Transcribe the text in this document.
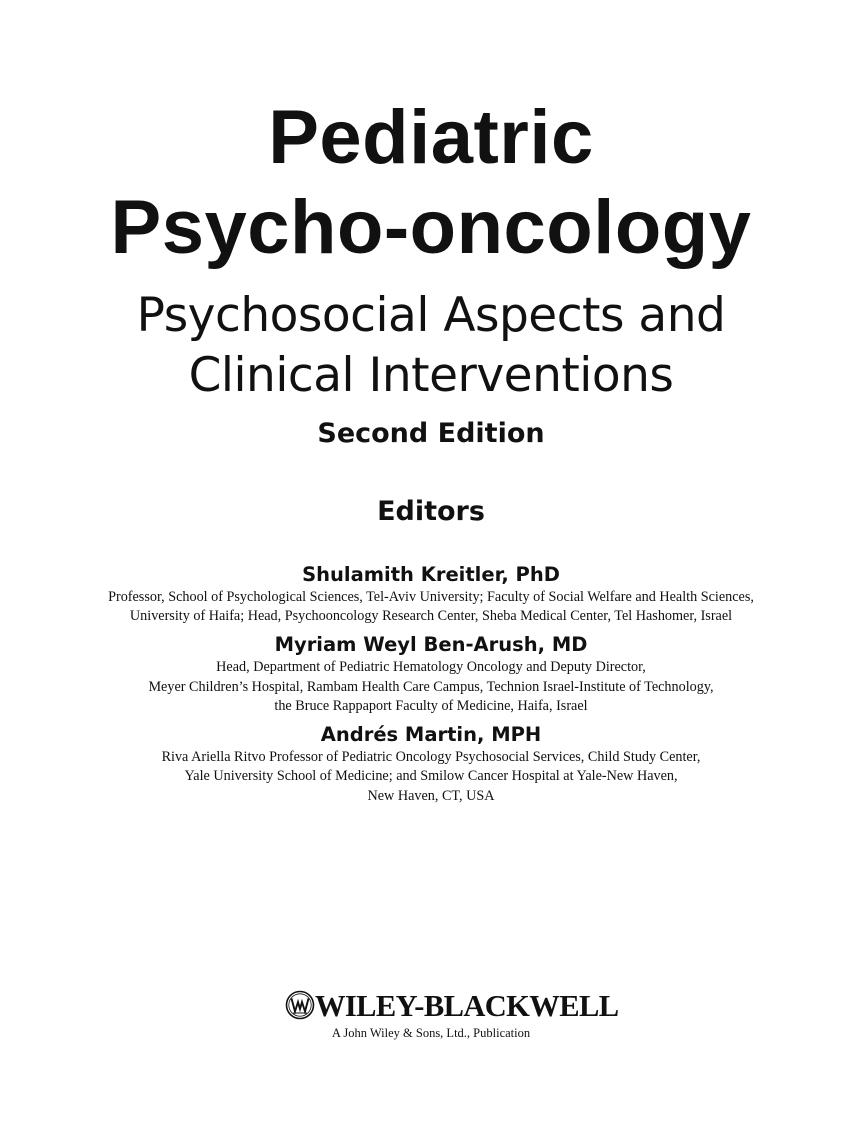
Pediatric
Psycho-oncology
Psychosocial Aspects and
Clinical Interventions
Second Edition
Editors
Shulamith Kreitler, PhD
Professor, School of Psychological Sciences, Tel-Aviv University; Faculty of Social Welfare and Health Sciences,
University of Haifa; Head, Psychooncology Research Center, Sheba Medical Center, Tel Hashomer, Israel
Myriam Weyl Ben-Arush, MD
Head, Department of Pediatric Hematology Oncology and Deputy Director,
Meyer Children’s Hospital, Rambam Health Care Campus, Technion Israel-Institute of Technology,
the Bruce Rappaport Faculty of Medicine, Haifa, Israel
Andrés Martin, MPH
Riva Ariella Ritvo Professor of Pediatric Oncology Psychosocial Services, Child Study Center,
Yale University School of Medicine; and Smilow Cancer Hospital at Yale-New Haven,
New Haven, CT, USA
WILEY-BLACKWELL
A John Wiley & Sons, Ltd., Publication
